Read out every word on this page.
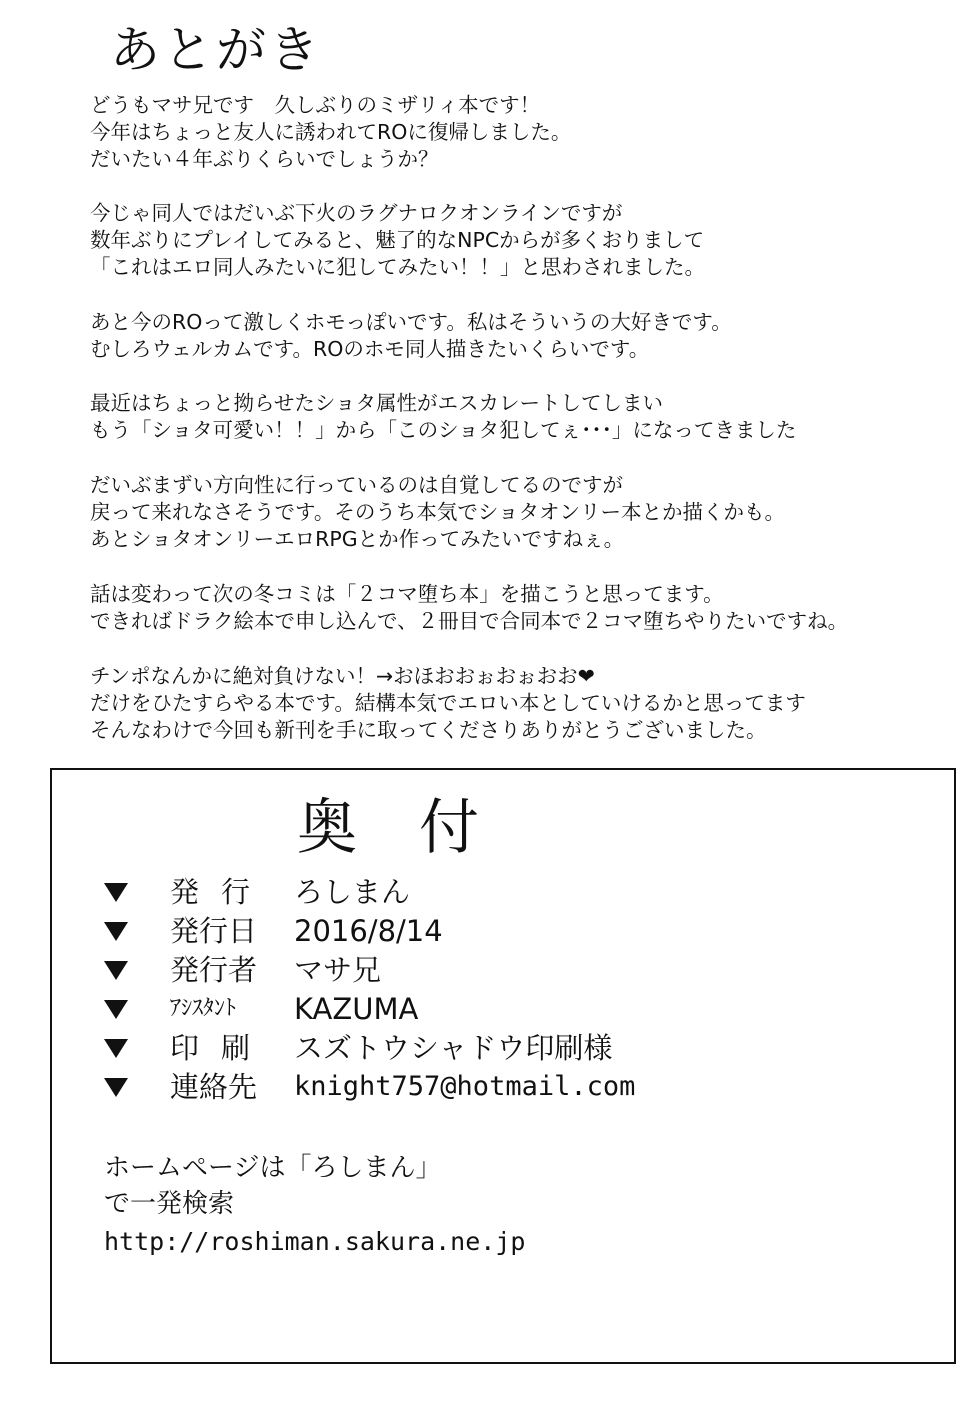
あとがき
どうもマサ兄です　久しぶりのミザリィ本です！
今年はちょっと友人に誘われてROに復帰しました。
だいたい４年ぶりくらいでしょうか？
今じゃ同人ではだいぶ下火のラグナロクオンラインですが
数年ぶりにプレイしてみると、魅了的なNPCからが多くおりまして
「これはエロ同人みたいに犯してみたい！！」と思わされました。
あと今のROって激しくホモっぽいです。私はそういうの大好きです。
むしろウェルカムです。ROのホモ同人描きたいくらいです。
最近はちょっと拗らせたショタ属性がエスカレートしてしまい
もう「ショタ可愛い！！」から「このショタ犯してぇ･･･」になってきました
だいぶまずい方向性に行っているのは自覚してるのですが
戻って来れなさそうです。そのうち本気でショタオンリー本とか描くかも。
あとショタオンリーエロRPGとか作ってみたいですねぇ。
話は変わって次の冬コミは「２コマ堕ち本」を描こうと思ってます。
できればドラク絵本で申し込んで、２冊目で合同本で２コマ堕ちやりたいですね。
チンポなんかに絶対負けない！→おほおおぉおぉおお❤
だけをひたすらやる本です。結構本気でエロい本としていけるかと思ってます
そんなわけで今回も新刊を手に取ってくださりありがとうございました。
奥付
発行 ろしまん
発行日 2016/8/14
発行者 マサ兄
ｱｼｽﾀﾝﾄ KAZUMA
印刷 スズトウシャドウ印刷様
連絡先 knight757@hotmail.com
ホームページは「ろしまん」
で一発検索
http://roshiman.sakura.ne.jp
